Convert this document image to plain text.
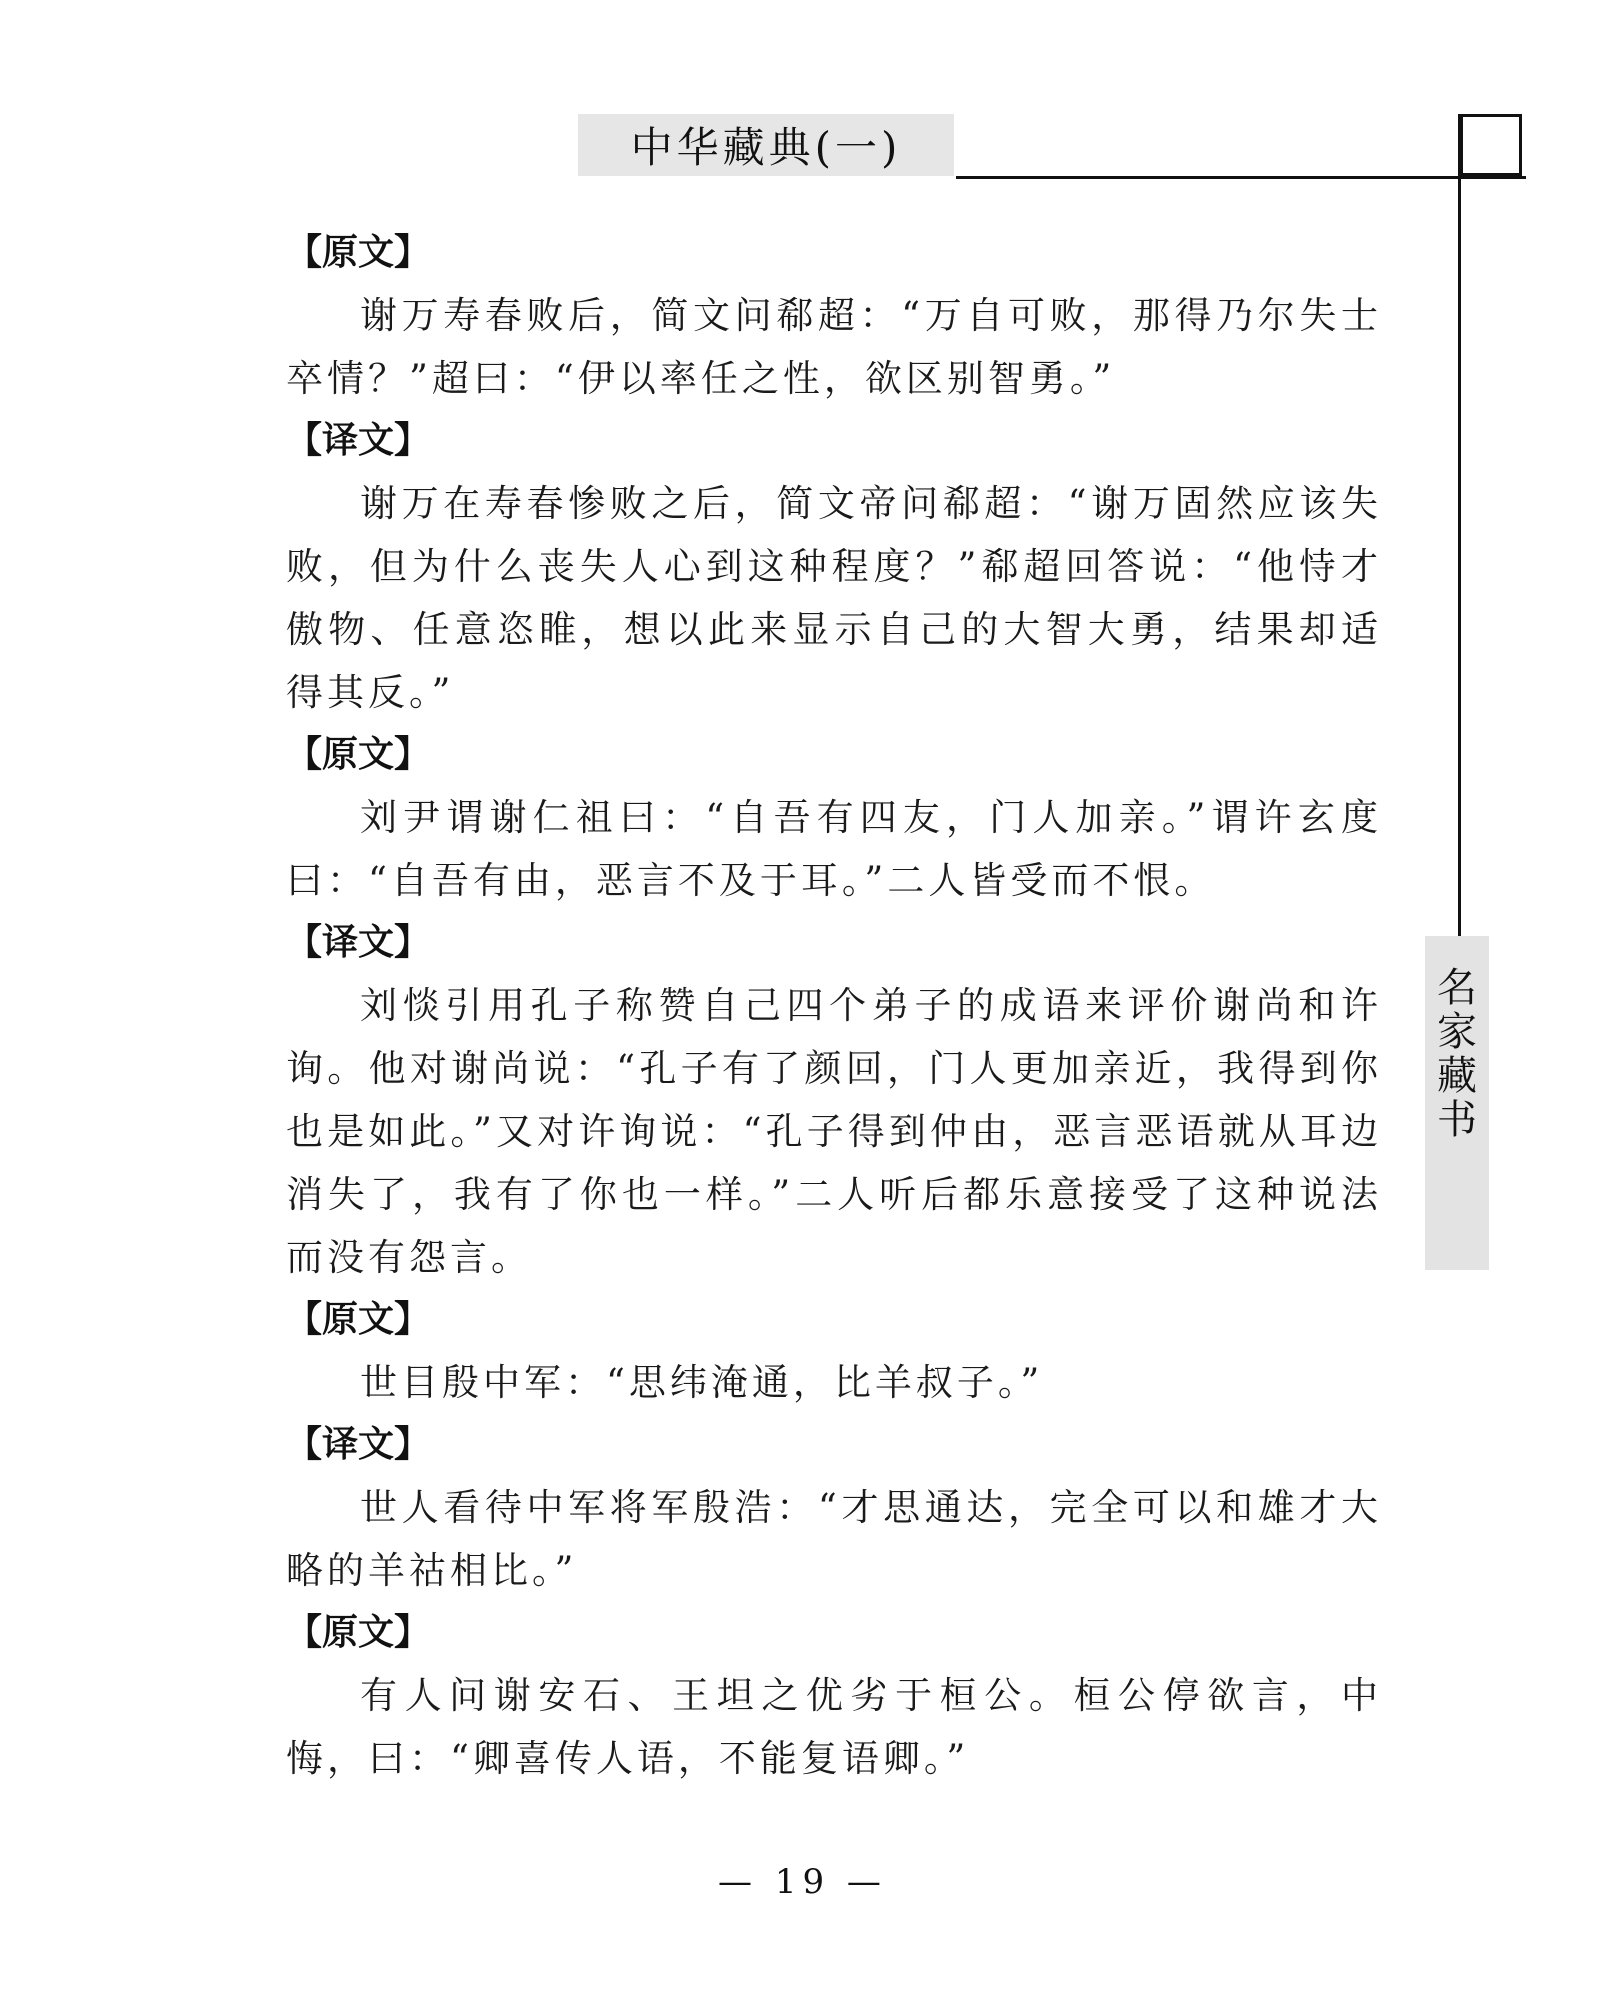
中华藏典(一)
名
家
藏
书
【原文】

谢万寿春败后，简文问郗超：“万自可败，那得乃尔失士卒情？”超曰：“伊以率任之性，欲区别智勇。”

【译文】

谢万在寿春惨败之后，简文帝问郗超：“谢万固然应该失败，但为什么丧失人心到这种程度？”郗超回答说：“他恃才傲物、任意恣睢，想以此来显示自己的大智大勇，结果却适得其反。”

【原文】

刘尹谓谢仁祖曰：“自吾有四友，门人加亲。”谓许玄度曰：“自吾有由，恶言不及于耳。”二人皆受而不恨。

【译文】

刘惔引用孔子称赞自己四个弟子的成语来评价谢尚和许询。他对谢尚说：“孔子有了颜回，门人更加亲近，我得到你也是如此。”又对许询说：“孔子得到仲由，恶言恶语就从耳边消失了，我有了你也一样。”二人听后都乐意接受了这种说法而没有怨言。

【原文】

世目殷中军：“思纬淹通，比羊叔子。”

【译文】

世人看待中军将军殷浩：“才思通达，完全可以和雄才大略的羊祜相比。”

【原文】

有人问谢安石、王坦之优劣于桓公。桓公停欲言，中悔，曰：“卿喜传人语，不能复语卿。”

— 19 —
